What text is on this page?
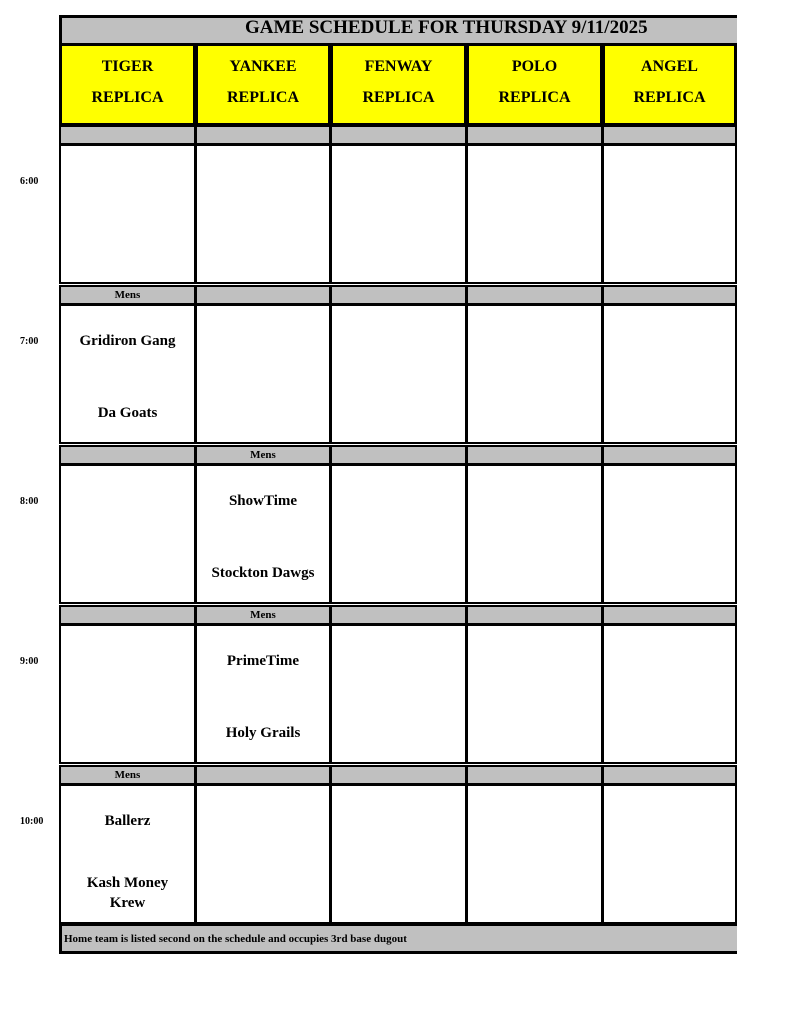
GAME SCHEDULE FOR THURSDAY 9/11/2025
TIGER
REPLICA
YANKEE
REPLICA
FENWAY
REPLICA
POLO
REPLICA
ANGEL
REPLICA
6:00
7:00
Mens
Gridiron Gang
Da Goats
8:00
Mens
ShowTime
Stockton Dawgs
9:00
Mens
PrimeTime
Holy Grails
10:00
Mens
Ballerz
Kash Money Krew
Home team is listed second on the schedule and occupies 3rd base dugout
